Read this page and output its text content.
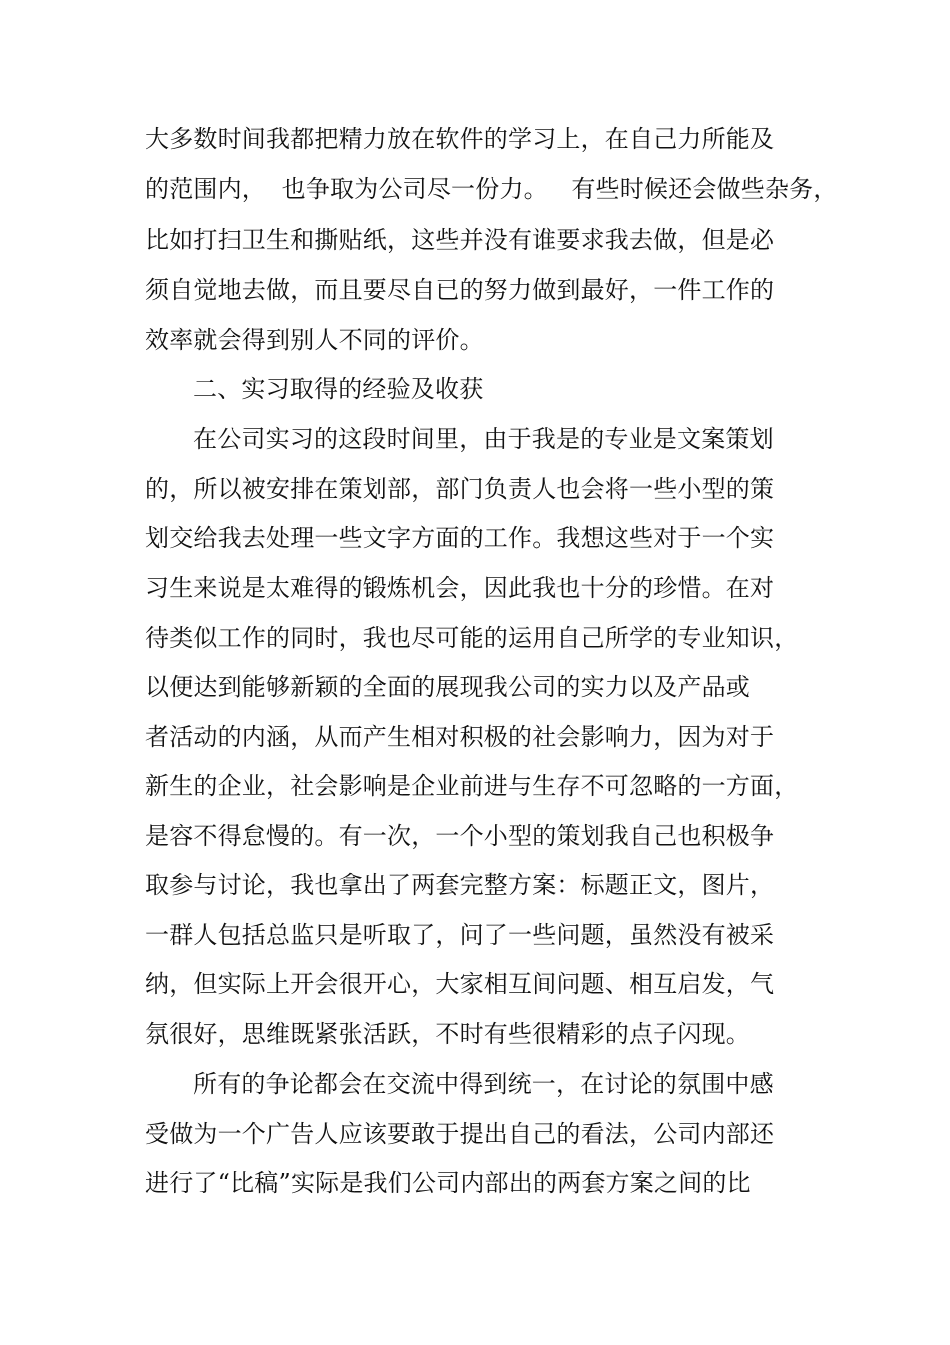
大多数时间我都把精力放在软件的学习上，在自己力所能及
的范围内，  也争取为公司尽一份力。   有些时候还会做些杂务，
比如打扫卫生和撕贴纸，这些并没有谁要求我去做，但是必
须自觉地去做，而且要尽自已的努力做到最好，一件工作的
效率就会得到别人不同的评价。
二、实习取得的经验及收获
在公司实习的这段时间里，由于我是的专业是文案策划
的，所以被安排在策划部，部门负责人也会将一些小型的策
划交给我去处理一些文字方面的工作。我想这些对于一个实
习生来说是太难得的锻炼机会，因此我也十分的珍惜。在对
待类似工作的同时，我也尽可能的运用自己所学的专业知识，
以便达到能够新颖的全面的展现我公司的实力以及产品或
者活动的内涵，从而产生相对积极的社会影响力，因为对于
新生的企业，社会影响是企业前进与生存不可忽略的一方面，
是容不得怠慢的。有一次，一个小型的策划我自己也积极争
取参与讨论，我也拿出了两套完整方案：标题正文，图片，
一群人包括总监只是听取了，问了一些问题，虽然没有被采
纳，但实际上开会很开心，大家相互间问题、相互启发，气
氛很好，思维既紧张活跃，不时有些很精彩的点子闪现。
所有的争论都会在交流中得到统一，在讨论的氛围中感
受做为一个广告人应该要敢于提出自己的看法，公司内部还
进行了“比稿”实际是我们公司内部出的两套方案之间的比
